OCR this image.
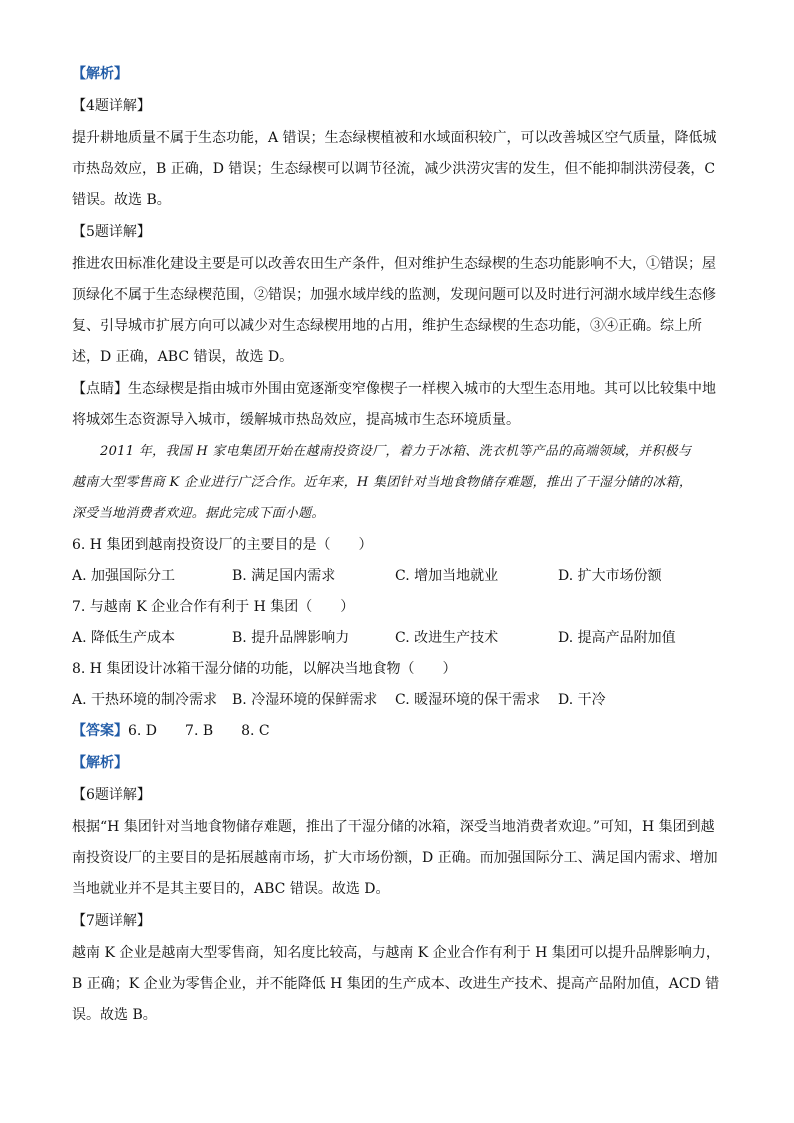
【解析】
【4题详解】
提升耕地质量不属于生态功能，A 错误；生态绿楔植被和水域面积较广，可以改善城区空气质量，降低城
市热岛效应，B 正确，D 错误；生态绿楔可以调节径流，减少洪涝灾害的发生，但不能抑制洪涝侵袭，C
错误。故选 B。
【5题详解】
推进农田标准化建设主要是可以改善农田生产条件，但对维护生态绿楔的生态功能影响不大，①错误；屋
顶绿化不属于生态绿楔范围，②错误；加强水域岸线的监测，发现问题可以及时进行河湖水域岸线生态修
复、引导城市扩展方向可以减少对生态绿楔用地的占用，维护生态绿楔的生态功能，③④正确。综上所
述，D 正确，ABC 错误，故选 D。
【点睛】生态绿楔是指由城市外围由宽逐渐变窄像楔子一样楔入城市的大型生态用地。其可以比较集中地
将城郊生态资源导入城市，缓解城市热岛效应，提高城市生态环境质量。
2011 年，我国 H 家电集团开始在越南投资设厂，着力于冰箱、洗衣机等产品的高端领域，并积极与
越南大型零售商 K 企业进行广泛合作。近年来，H 集团针对当地食物储存难题，推出了干湿分储的冰箱，
深受当地消费者欢迎。据此完成下面小题。
6. H 集团到越南投资设厂的主要目的是（　　）
A. 加强国际分工	B. 满足国内需求	C. 增加当地就业	D. 扩大市场份额
7. 与越南 K 企业合作有利于 H 集团（　　）
A. 降低生产成本	B. 提升品牌影响力	C. 改进生产技术	D. 提高产品附加值
8. H 集团设计冰箱干湿分储的功能，以解决当地食物（　　）
A. 干热环境的制冷需求 B. 冷湿环境的保鲜需求 C. 暖湿环境的保干需求 D. 干冷
【答案】6. D　　7. B　　8. C
【解析】
【6题详解】
根据“H 集团针对当地食物储存难题，推出了干湿分储的冰箱，深受当地消费者欢迎。”可知，H 集团到越
南投资设厂的主要目的是拓展越南市场，扩大市场份额，D 正确。而加强国际分工、满足国内需求、增加
当地就业并不是其主要目的，ABC 错误。故选 D。
【7题详解】
越南 K 企业是越南大型零售商，知名度比较高，与越南 K 企业合作有利于 H 集团可以提升品牌影响力，
B 正确；K 企业为零售企业，并不能降低 H 集团的生产成本、改进生产技术、提高产品附加值，ACD 错
误。故选 B。
